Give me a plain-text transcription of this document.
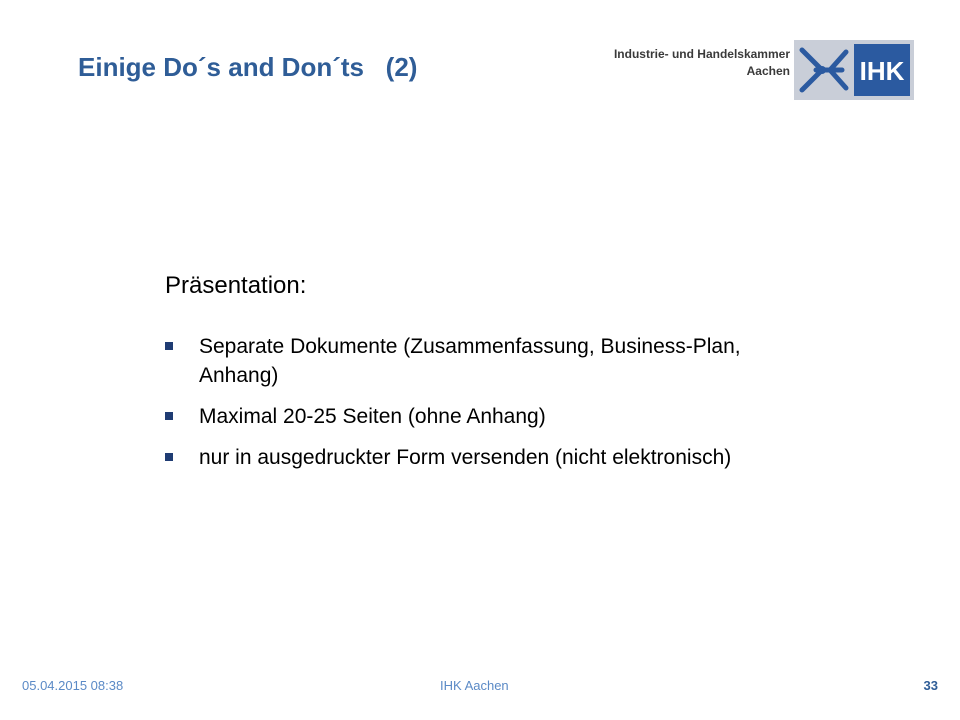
Einige Do´s and Don´ts   (2)	Industrie- und Handelskammer
Aachen	IHK
Präsentation:
Separate Dokumente (Zusammenfassung, Business-Plan, Anhang)
Maximal 20-25 Seiten (ohne Anhang)
nur in ausgedruckter Form versenden (nicht elektronisch)
05.04.2015 08:38	IHK Aachen	33
